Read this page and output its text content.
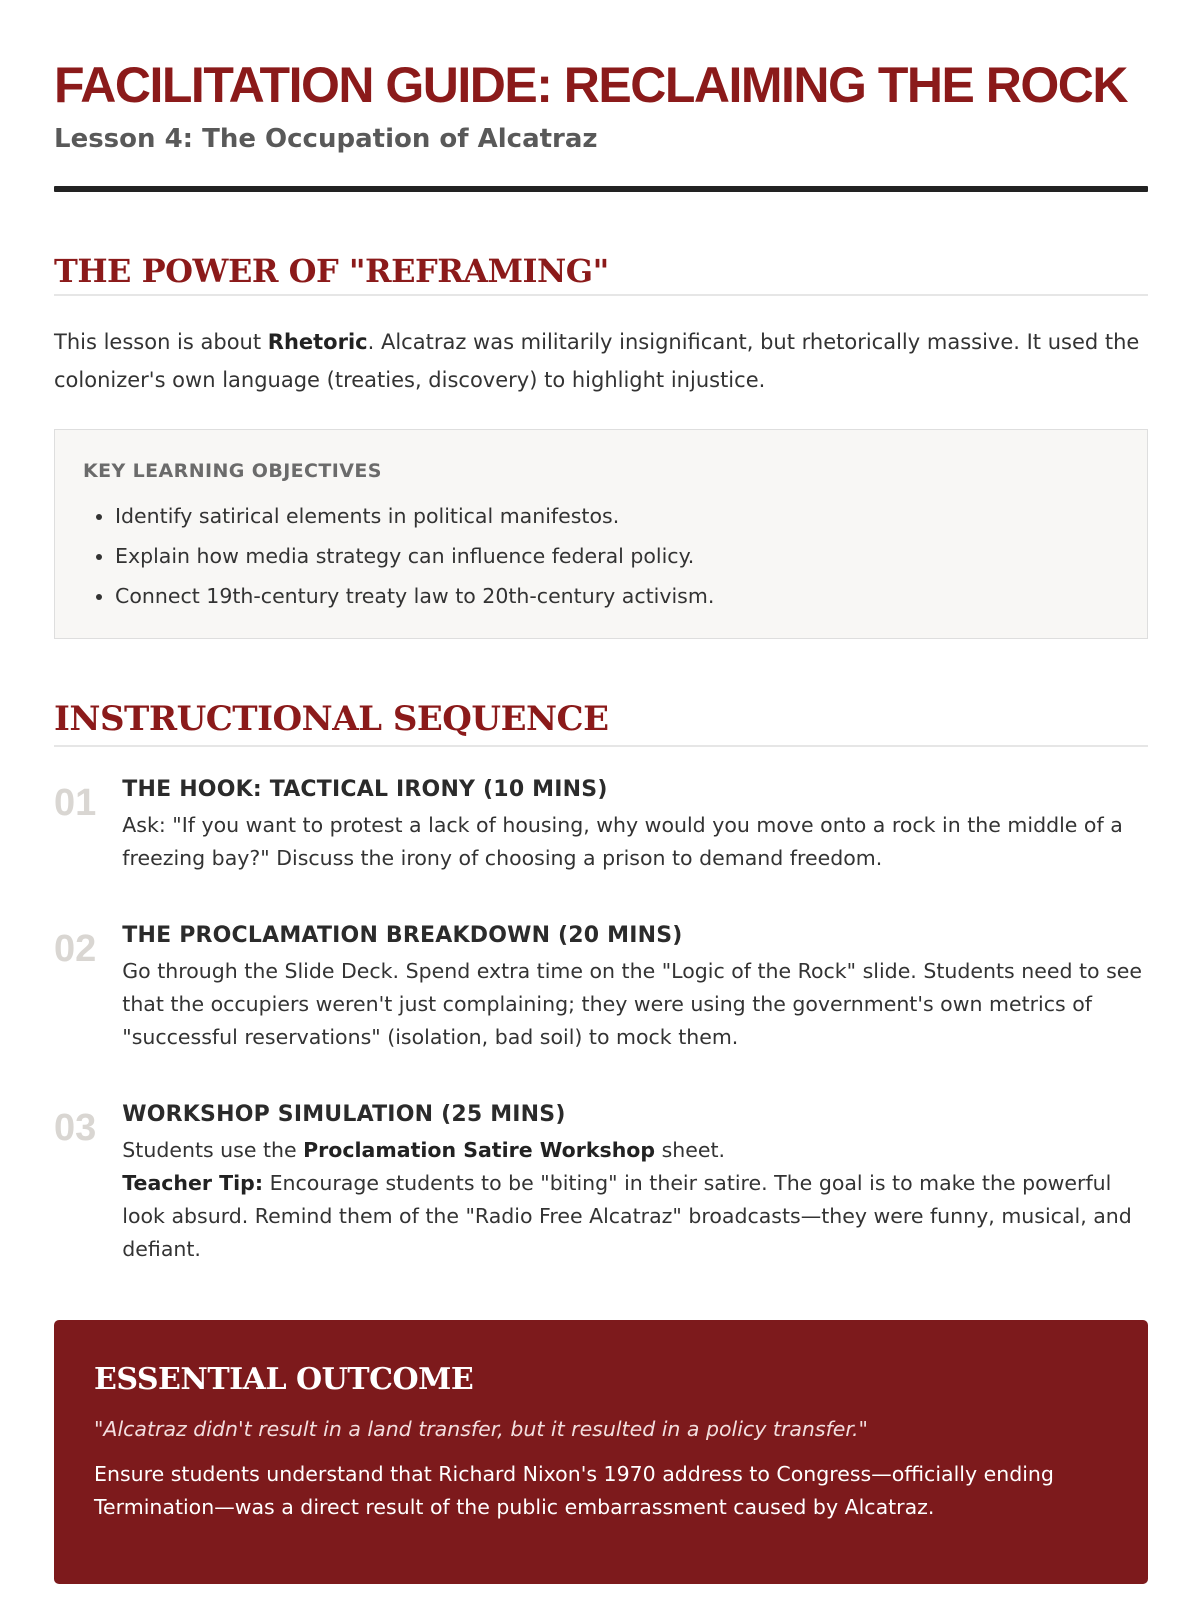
FACILITATION GUIDE: RECLAIMING THE ROCK
Lesson 4: The Occupation of Alcatraz
THE POWER OF "REFRAMING"

This lesson is about Rhetoric. Alcatraz was militarily insignificant, but rhetorically massive. It used the colonizer's own language (treaties, discovery) to highlight injustice.

KEY LEARNING OBJECTIVES
• Identify satirical elements in political manifestos.
• Explain how media strategy can influence federal policy.
• Connect 19th-century treaty law to 20th-century activism.
INSTRUCTIONAL SEQUENCE
01 THE HOOK: TACTICAL IRONY (10 MINS)
Ask: "If you want to protest a lack of housing, why would you move onto a rock in the middle of a freezing bay?" Discuss the irony of choosing a prison to demand freedom.
02 THE PROCLAMATION BREAKDOWN (20 MINS)
Go through the Slide Deck. Spend extra time on the "Logic of the Rock" slide. Students need to see that the occupiers weren't just complaining; they were using the government's own metrics of "successful reservations" (isolation, bad soil) to mock them.
03 WORKSHOP SIMULATION (25 MINS)

Students use the Proclamation Satire Workshop sheet.

Teacher Tip: Encourage students to be "biting" in their satire. The goal is to make the powerful look absurd. Remind them of the "Radio Free Alcatraz" broadcasts—they were funny, musical, and defiant.

ESSENTIAL OUTCOME
"Alcatraz didn't result in a land transfer, but it resulted in a policy transfer."
Ensure students understand that Richard Nixon's 1970 address to Congress—officially ending Termination—was a direct result of the public embarrassment caused by Alcatraz.
